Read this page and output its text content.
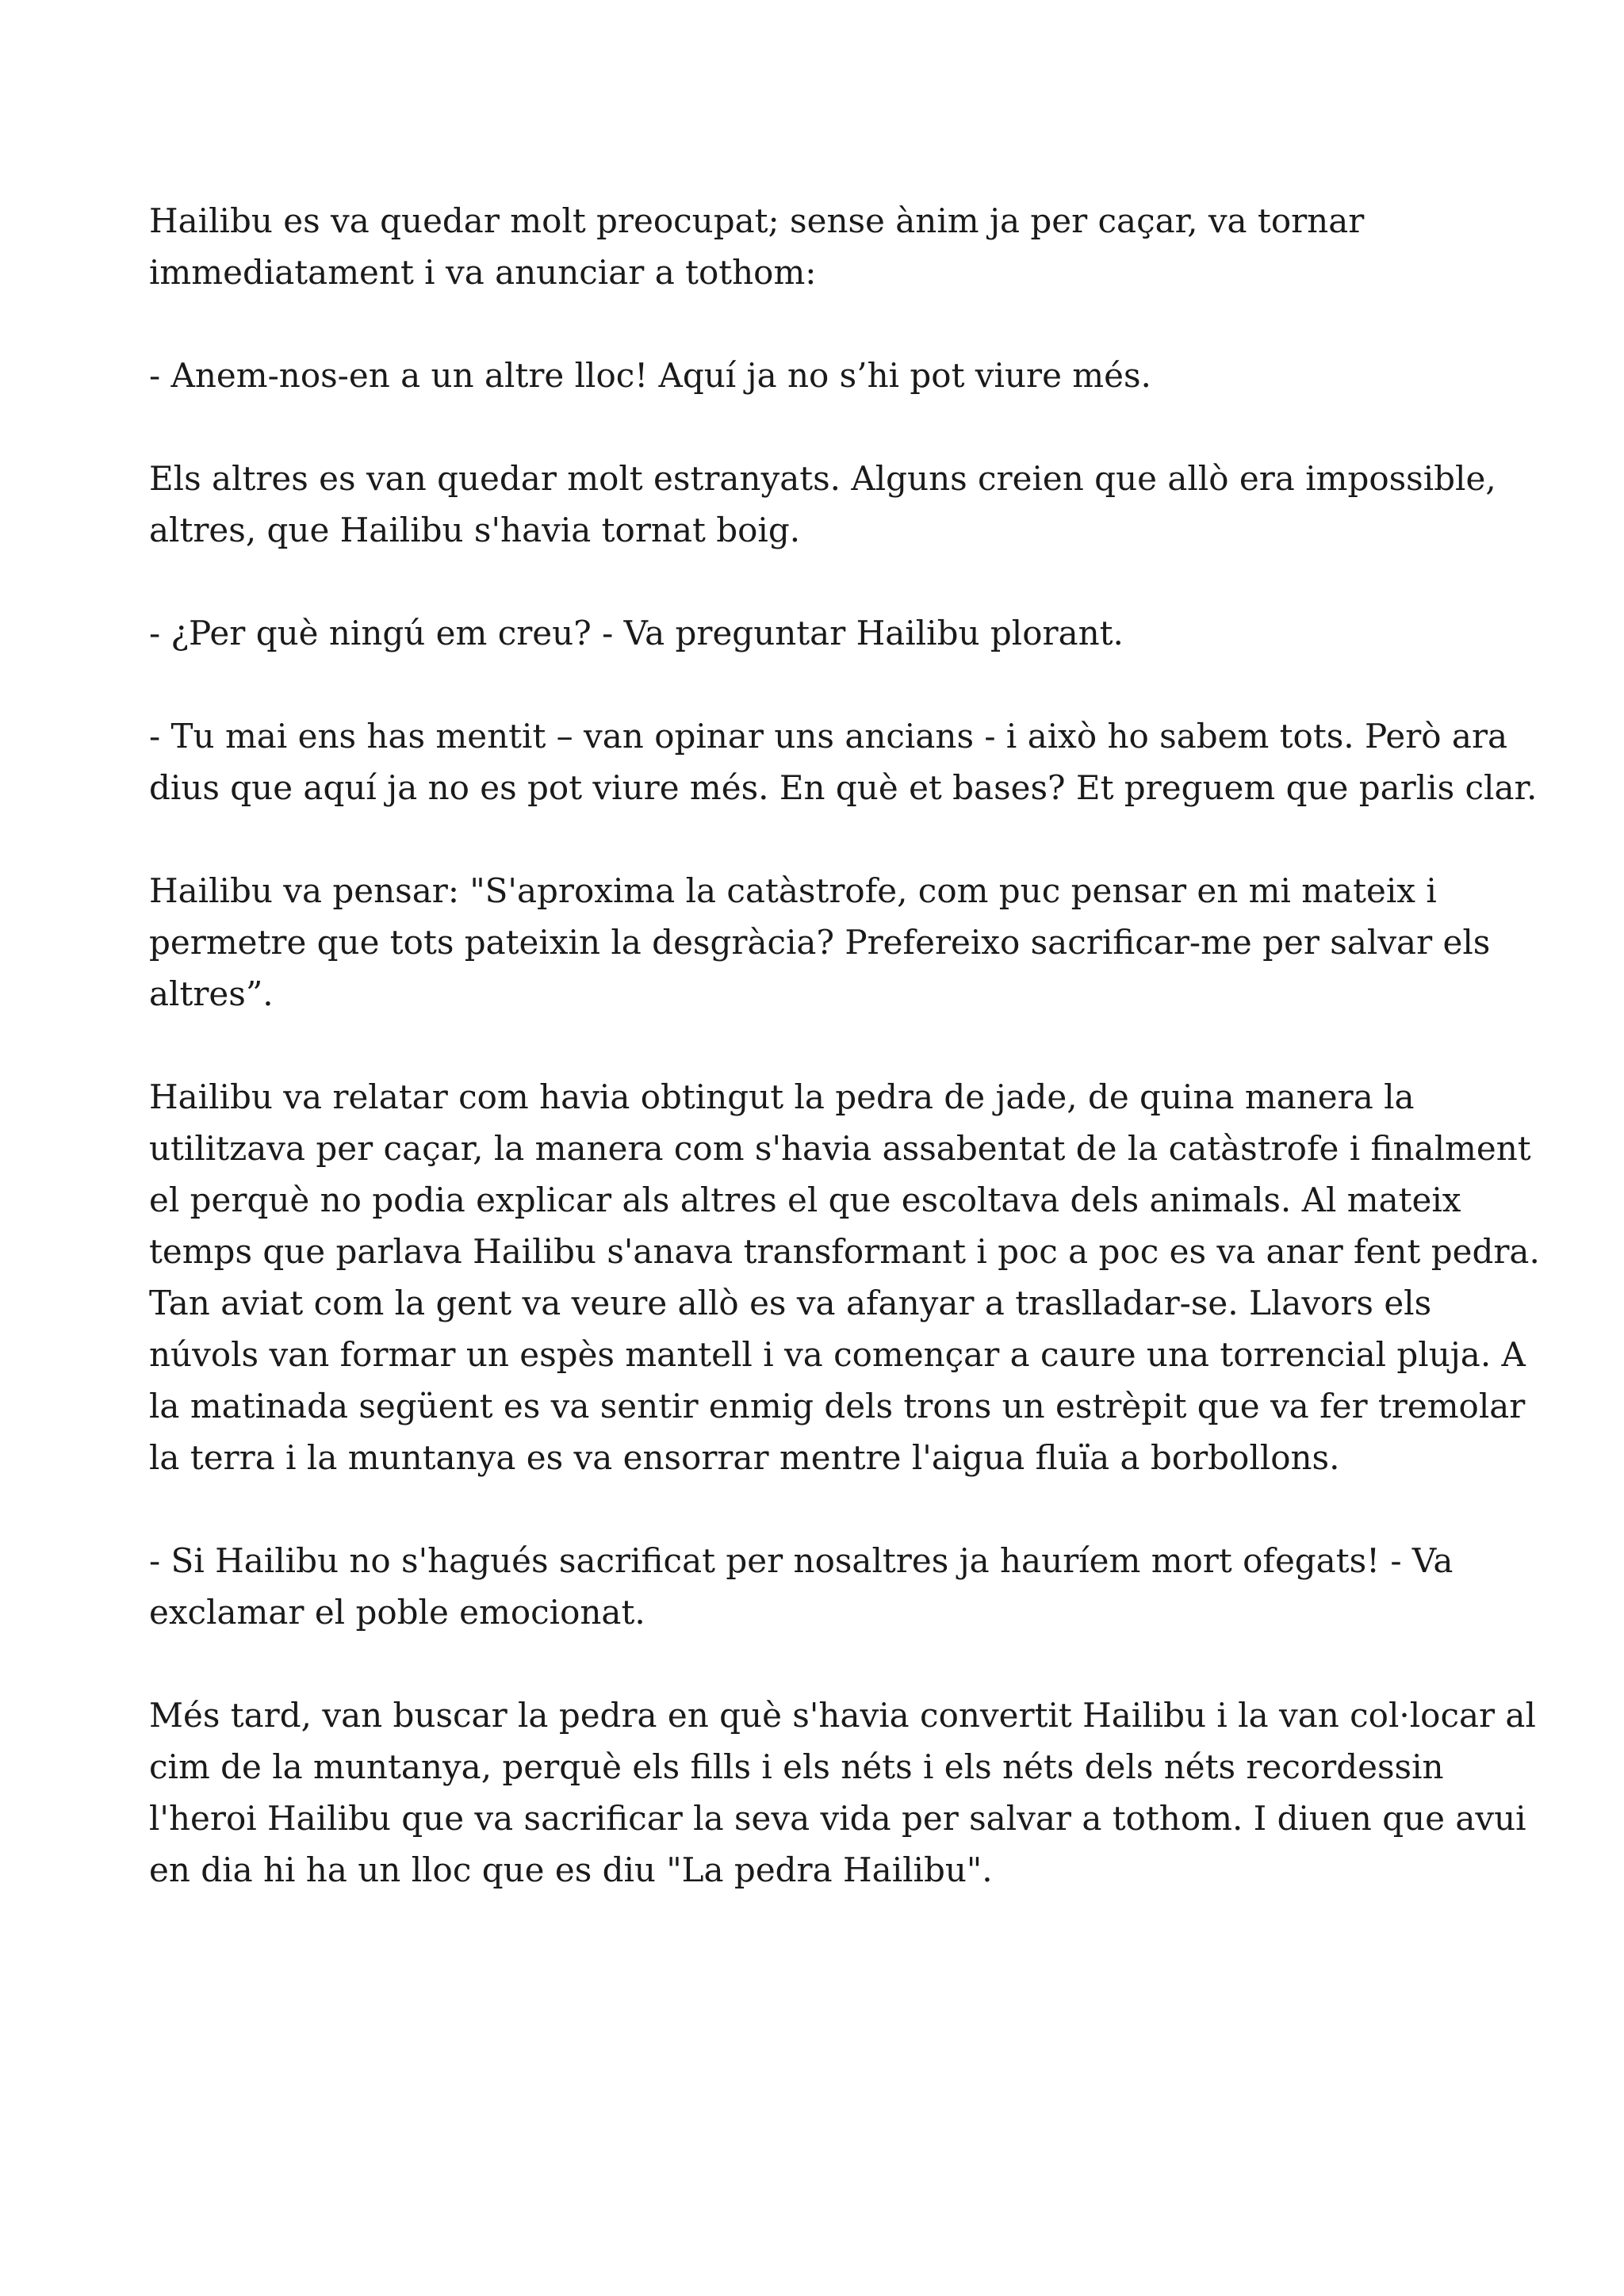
Hailibu es va quedar molt preocupat; sense ànim ja per caçar, va tornar
immediatament i va anunciar a tothom:
- Anem-nos-en a un altre lloc! Aquí ja no s’hi pot viure més.
Els altres es van quedar molt estranyats. Alguns creien que allò era impossible,
altres, que Hailibu s'havia tornat boig.
- ¿Per què ningú em creu? - Va preguntar Hailibu plorant.
- Tu mai ens has mentit – van opinar uns ancians - i això ho sabem tots. Però ara
dius que aquí ja no es pot viure més. En què et bases? Et preguem que parlis clar.
Hailibu va pensar: "S'aproxima la catàstrofe, com puc pensar en mi mateix i
permetre que tots pateixin la desgràcia? Prefereixo sacrificar-me per salvar els
altres”.
Hailibu va relatar com havia obtingut la pedra de jade, de quina manera la
utilitzava per caçar, la manera com s'havia assabentat de la catàstrofe i finalment
el perquè no podia explicar als altres el que escoltava dels animals. Al mateix
temps que parlava Hailibu s'anava transformant i poc a poc es va anar fent pedra.
Tan aviat com la gent va veure allò es va afanyar a traslladar-se. Llavors els
núvols van formar un espès mantell i va començar a caure una torrencial pluja. A
la matinada següent es va sentir enmig dels trons un estrèpit que va fer tremolar
la terra i la muntanya es va ensorrar mentre l'aigua fluïa a borbollons.
- Si Hailibu no s'hagués sacrificat per nosaltres ja hauríem mort ofegats! - Va
exclamar el poble emocionat.
Més tard, van buscar la pedra en què s'havia convertit Hailibu i la van col·locar al
cim de la muntanya, perquè els fills i els néts i els néts dels néts recordessin
l'heroi Hailibu que va sacrificar la seva vida per salvar a tothom. I diuen que avui
en dia hi ha un lloc que es diu "La pedra Hailibu".
